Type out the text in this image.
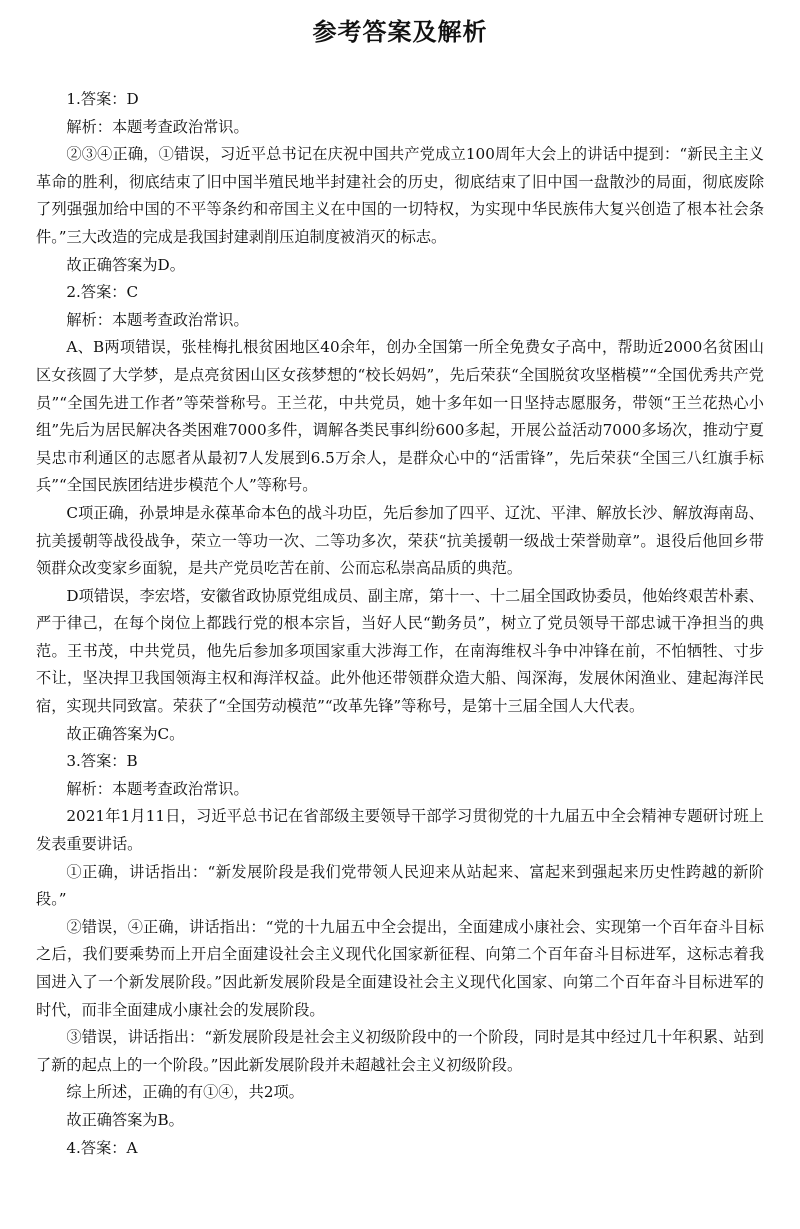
参考答案及解析

1.答案：D

解析：本题考查政治常识。

②③④正确，①错误，习近平总书记在庆祝中国共产党成立100周年大会上的讲话中提到：“新民主主义革命的胜利，彻底结束了旧中国半殖民地半封建社会的历史，彻底结束了旧中国一盘散沙的局面，彻底废除了列强强加给中国的不平等条约和帝国主义在中国的一切特权，为实现中华民族伟大复兴创造了根本社会条件。”三大改造的完成是我国封建剥削压迫制度被消灭的标志。

故正确答案为D。

2.答案：C

解析：本题考查政治常识。

A、B两项错误，张桂梅扎根贫困地区40余年，创办全国第一所全免费女子高中，帮助近2000名贫困山区女孩圆了大学梦，是点亮贫困山区女孩梦想的“校长妈妈”，先后荣获“全国脱贫攻坚楷模”“全国优秀共产党员”“全国先进工作者”等荣誉称号。王兰花，中共党员，她十多年如一日坚持志愿服务，带领“王兰花热心小组”先后为居民解决各类困难7000多件，调解各类民事纠纷600多起，开展公益活动7000多场次，推动宁夏吴忠市利通区的志愿者从最初7人发展到6.5万余人，是群众心中的“活雷锋”，先后荣获“全国三八红旗手标兵”“全国民族团结进步模范个人”等称号。

C项正确，孙景坤是永葆革命本色的战斗功臣，先后参加了四平、辽沈、平津、解放长沙、解放海南岛、抗美援朝等战役战争，荣立一等功一次、二等功多次，荣获“抗美援朝一级战士荣誉勋章”。退役后他回乡带领群众改变家乡面貌，是共产党员吃苦在前、公而忘私崇高品质的典范。

D项错误，李宏塔，安徽省政协原党组成员、副主席，第十一、十二届全国政协委员，他始终艰苦朴素、严于律己，在每个岗位上都践行党的根本宗旨，当好人民“勤务员”，树立了党员领导干部忠诚干净担当的典范。王书茂，中共党员，他先后参加多项国家重大涉海工作，在南海维权斗争中冲锋在前，不怕牺牲、寸步不让，坚决捍卫我国领海主权和海洋权益。此外他还带领群众造大船、闯深海，发展休闲渔业、建起海洋民宿，实现共同致富。荣获了“全国劳动模范”“改革先锋”等称号，是第十三届全国人大代表。

故正确答案为C。

3.答案：B

解析：本题考查政治常识。

2021年1月11日，习近平总书记在省部级主要领导干部学习贯彻党的十九届五中全会精神专题研讨班上发表重要讲话。

①正确，讲话指出：“新发展阶段是我们党带领人民迎来从站起来、富起来到强起来历史性跨越的新阶段。”

②错误，④正确，讲话指出：“党的十九届五中全会提出，全面建成小康社会、实现第一个百年奋斗目标之后，我们要乘势而上开启全面建设社会主义现代化国家新征程、向第二个百年奋斗目标进军，这标志着我国进入了一个新发展阶段。”因此新发展阶段是全面建设社会主义现代化国家、向第二个百年奋斗目标进军的时代，而非全面建成小康社会的发展阶段。

③错误，讲话指出：“新发展阶段是社会主义初级阶段中的一个阶段，同时是其中经过几十年积累、站到了新的起点上的一个阶段。”因此新发展阶段并未超越社会主义初级阶段。

综上所述，正确的有①④，共2项。

故正确答案为B。

4.答案：A
